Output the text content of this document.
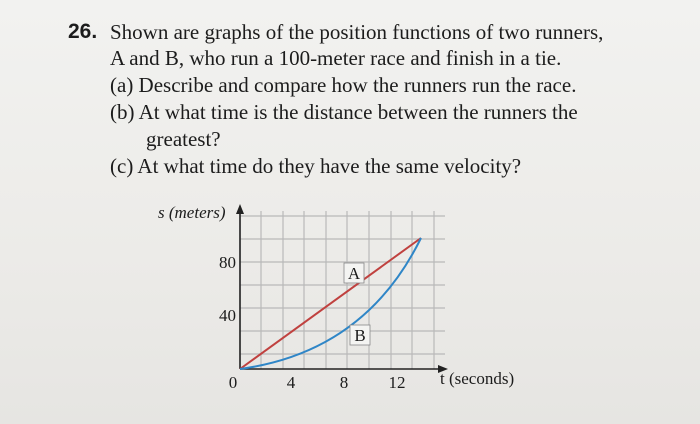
26. Shown are graphs of the position functions of two runners,
A and B, who run a 100-meter race and finish in a tie.
(a) Describe and compare how the runners run the race.
(b) At what time is the distance between the runners the
greatest?
(c) At what time do they have the same velocity?
A
B
s (meters)
t (seconds)
80
40
0	4	8 12
